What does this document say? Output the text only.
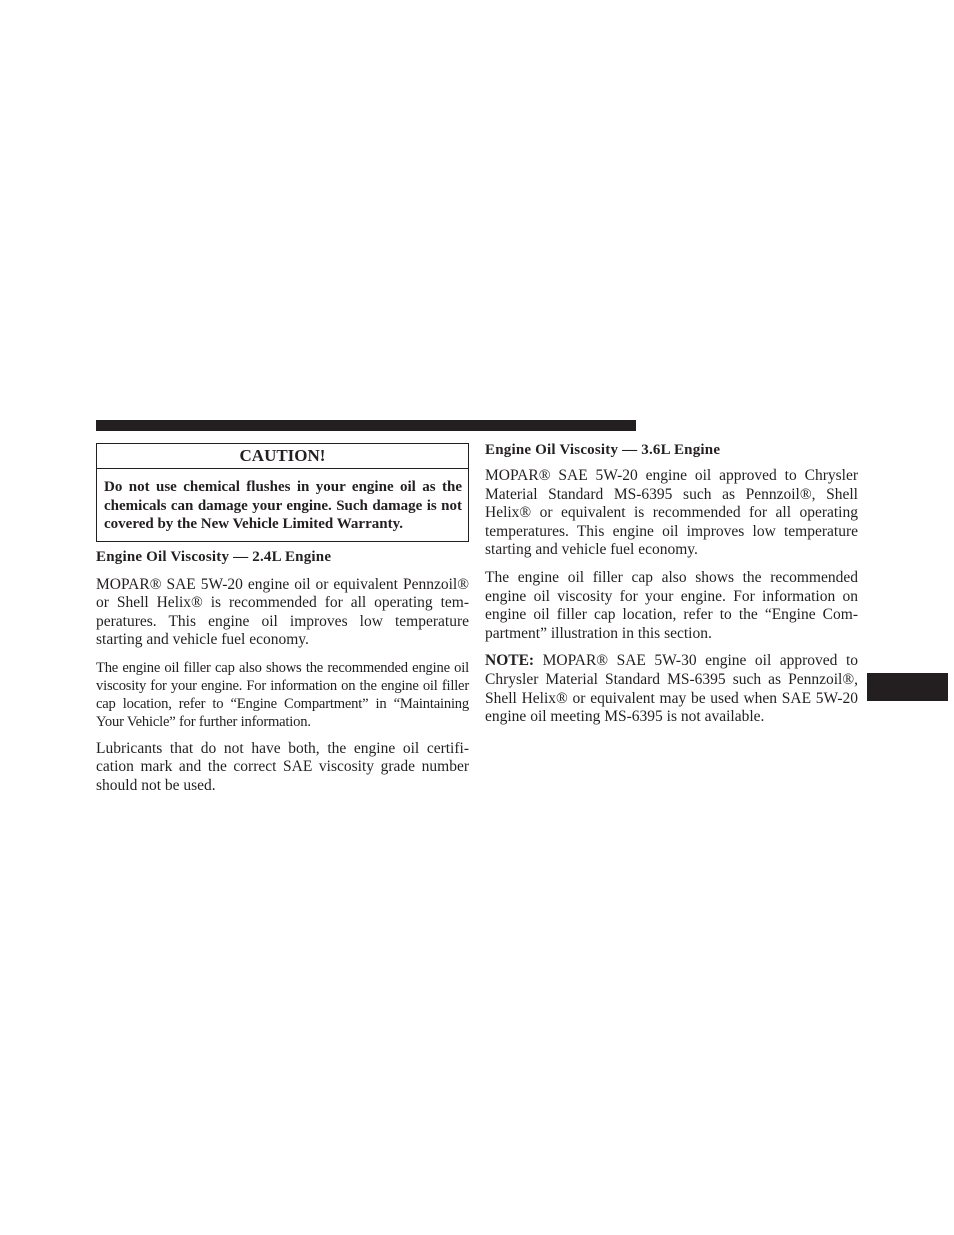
CAUTION!
Do not use chemical flushes in your engine oil as the chemicals can damage your engine. Such damage is not covered by the New Vehicle Limited Warranty.
Engine Oil Viscosity — 2.4L Engine

MOPAR® SAE 5W-20 engine oil or equivalent Pennzoil® or Shell Helix® is recommended for all operating tem-peratures. This engine oil improves low temperature starting and vehicle fuel economy.

The engine oil filler cap also shows the recommended engine oil viscosity for your engine. For information on the engine oil filler cap location, refer to “Engine Compartment” in “Maintaining Your Vehicle” for further information.

Lubricants that do not have both, the engine oil certifi-cation mark and the correct SAE viscosity grade number should not be used.

Engine Oil Viscosity — 3.6L Engine

MOPAR® SAE 5W-20 engine oil approved to Chrysler Material Standard MS-6395 such as Pennzoil®, Shell Helix® or equivalent is recommended for all operating temperatures. This engine oil improves low temperature starting and vehicle fuel economy.

The engine oil filler cap also shows the recommended engine oil viscosity for your engine. For information on engine oil filler cap location, refer to the “Engine Com-partment” illustration in this section.

NOTE: MOPAR® SAE 5W-30 engine oil approved to Chrysler Material Standard MS-6395 such as Pennzoil®, Shell Helix® or equivalent may be used when SAE 5W-20 engine oil meeting MS-6395 is not available.
